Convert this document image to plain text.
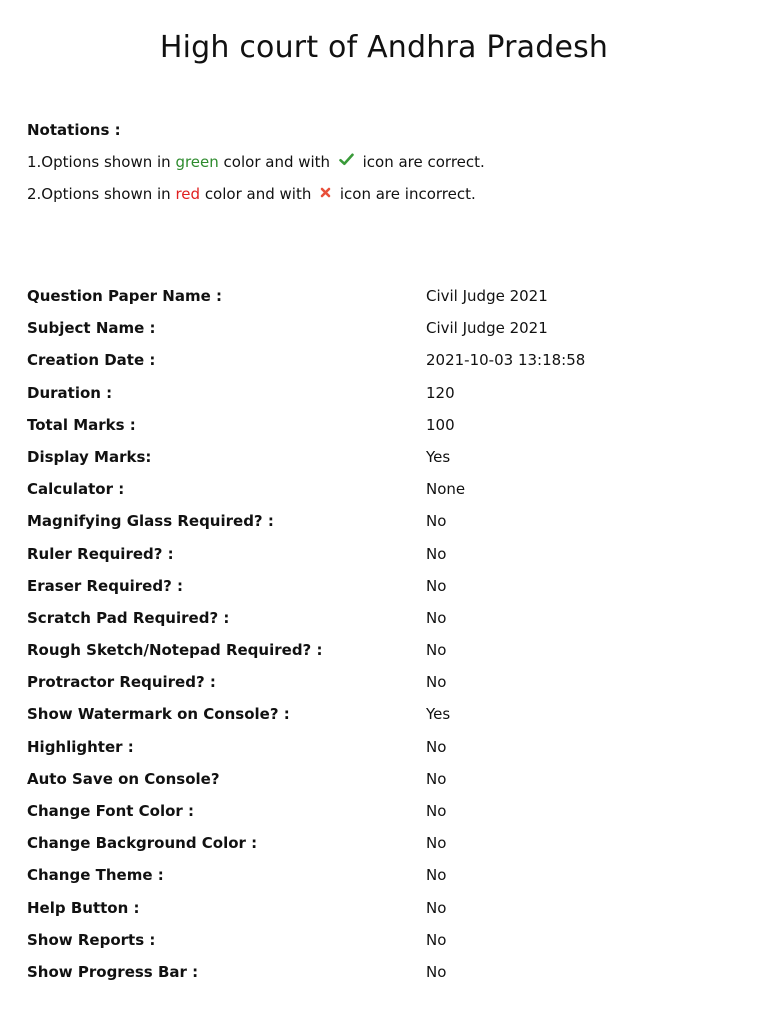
High court of Andhra Pradesh
Notations :
1.Options shown in green color and with  icon are correct.
2.Options shown in red color and with  icon are incorrect.
Question Paper Name :	Civil Judge 2021
Subject Name :	Civil Judge 2021
Creation Date :	2021-10-03 13:18:58
Duration :	120
Total Marks :	100
Display Marks:	Yes
Calculator :	None
Magnifying Glass Required? :	No
Ruler Required? :	No
Eraser Required? :	No
Scratch Pad Required? :	No
Rough Sketch/Notepad Required? :	No
Protractor Required? :	No
Show Watermark on Console? :	Yes
Highlighter :	No
Auto Save on Console?	No
Change Font Color :	No
Change Background Color :	No
Change Theme :	No
Help Button :	No
Show Reports :	No
Show Progress Bar :	No
